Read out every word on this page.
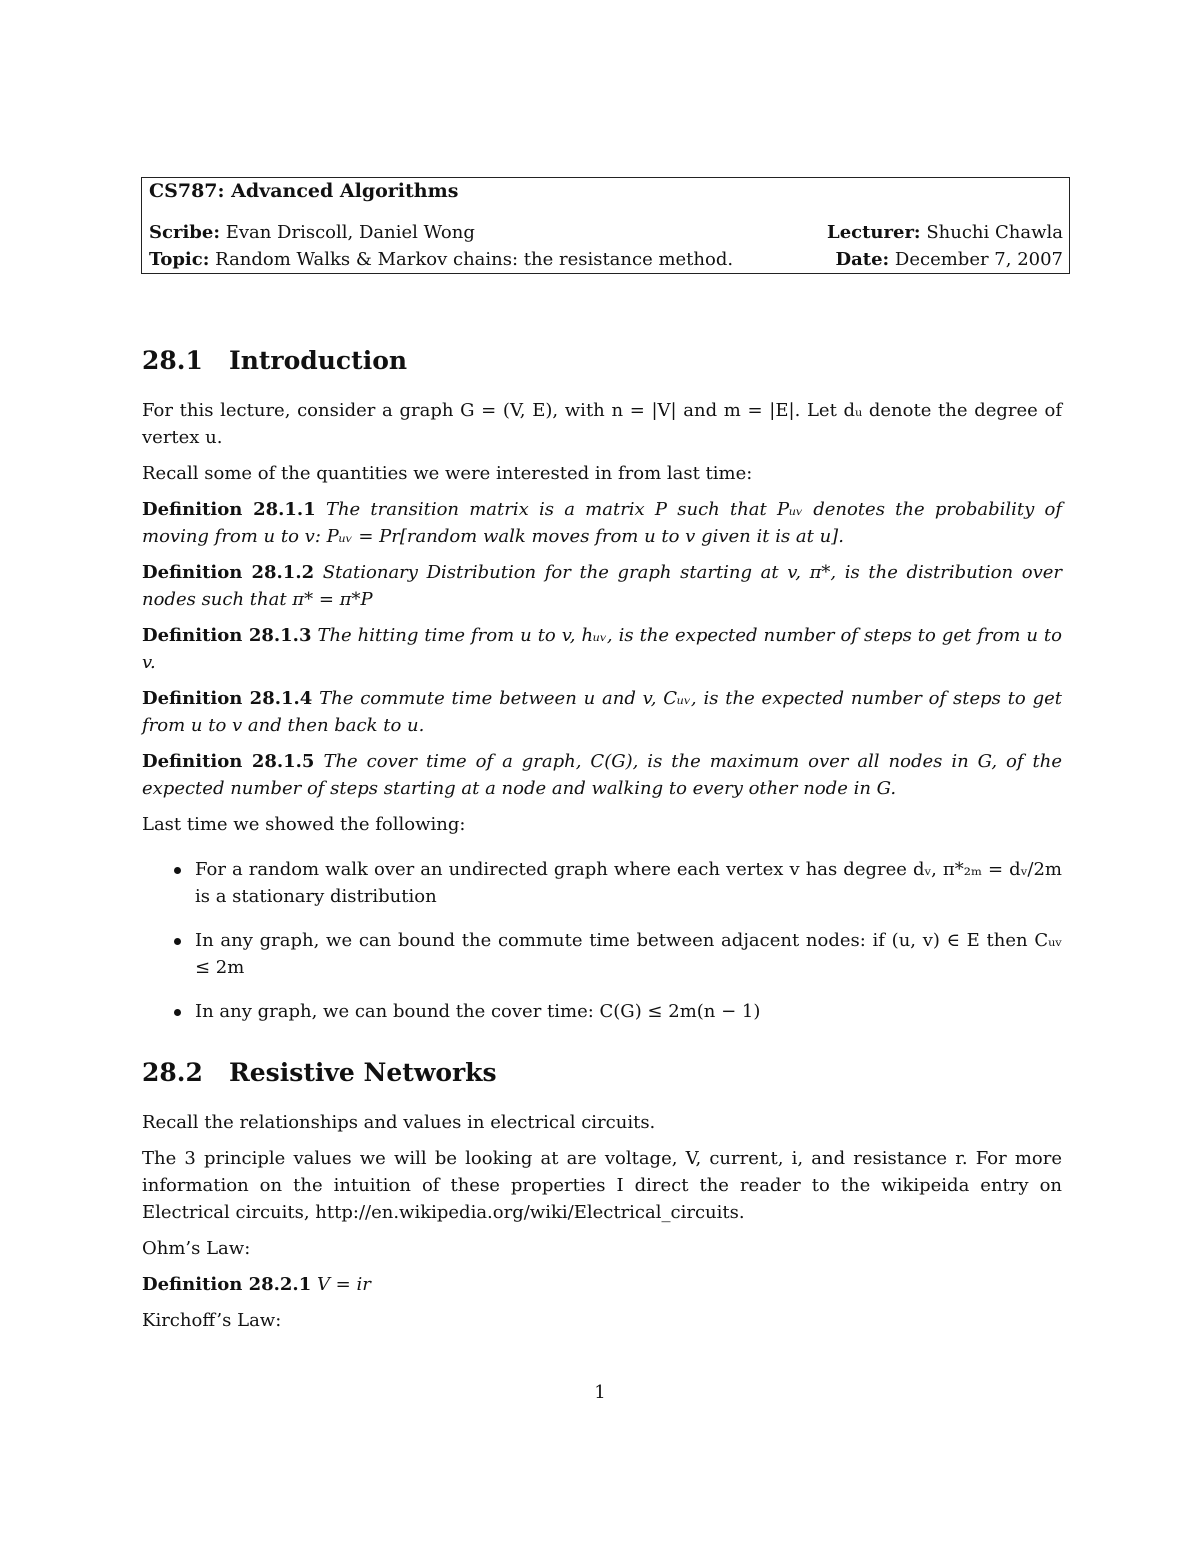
CS787: Advanced Algorithms
Scribe: Evan Driscoll, Daniel Wong	Lecturer: Shuchi Chawla
Topic: Random Walks & Markov chains: the resistance method.	Date: December 7, 2007
28.1	Introduction

For this lecture, consider a graph G = (V, E), with n = |V| and m = |E|. Let dᵤ denote the degree of vertex u.

Recall some of the quantities we were interested in from last time:

Definition 28.1.1 The transition matrix is a matrix P such that Pᵤᵥ denotes the probability of moving from u to v: Pᵤᵥ = Pr[random walk moves from u to v given it is at u].

Definition 28.1.2 Stationary Distribution for the graph starting at v, π*, is the distribution over nodes such that π* = π*P

Definition 28.1.3 The hitting time from u to v, hᵤᵥ, is the expected number of steps to get from u to v.

Definition 28.1.4 The commute time between u and v, Cᵤᵥ, is the expected number of steps to get from u to v and then back to u.

Definition 28.1.5 The cover time of a graph, C(G), is the maximum over all nodes in G, of the expected number of steps starting at a node and walking to every other node in G.

Last time we showed the following:

For a random walk over an undirected graph where each vertex v has degree dᵥ, π*₂ₘ = dᵥ/2m is a stationary distribution
In any graph, we can bound the commute time between adjacent nodes: if (u, v) ∈ E then Cᵤᵥ ≤ 2m
In any graph, we can bound the cover time: C(G) ≤ 2m(n − 1)
28.2	Resistive Networks

Recall the relationships and values in electrical circuits.

The 3 principle values we will be looking at are voltage, V, current, i, and resistance r. For more information on the intuition of these properties I direct the reader to the wikipeida entry on Electrical circuits, http://en.wikipedia.org/wiki/Electrical_circuits.

Ohm’s Law:

Definition 28.2.1 V = ir

Kirchoff’s Law:

1
